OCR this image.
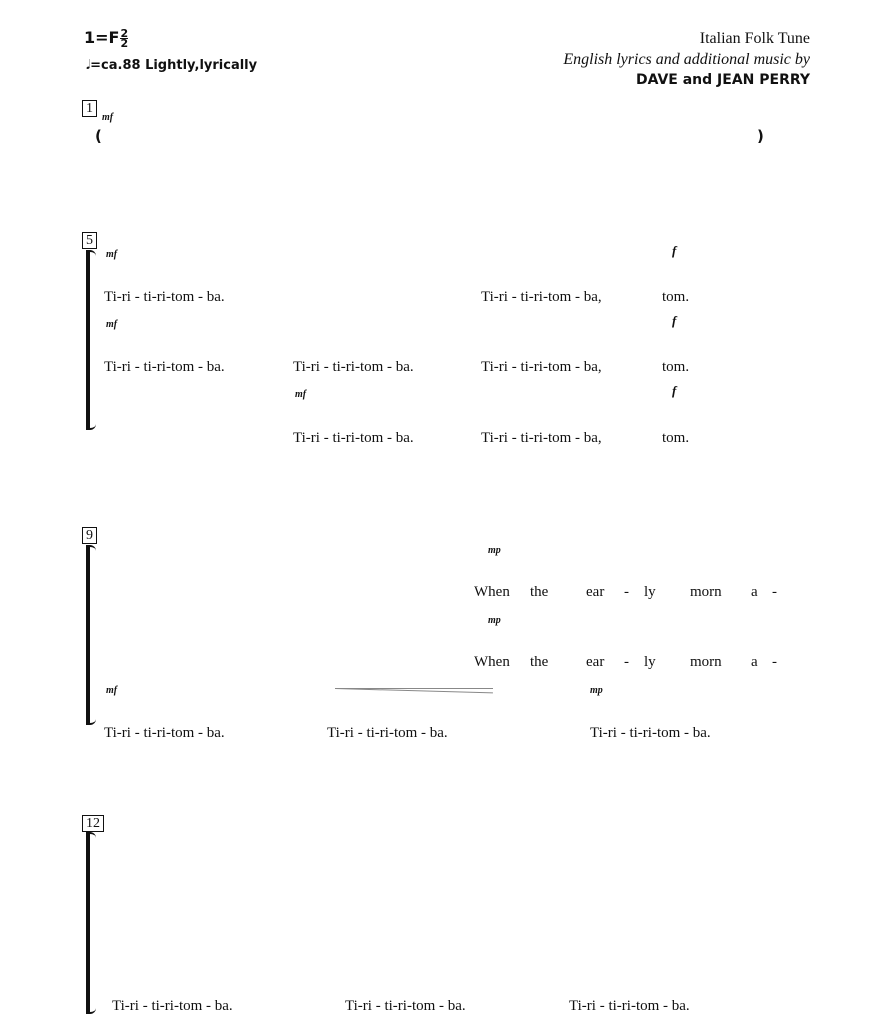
$1=F \frac{2}{2}$
𝅘𝅥=ca.88 Lightly,lyrically
Italian Folk Tune
English lyrics and additional music by
DAVE and JEAN PERRY
1
5
9
12
mf
mf	f
mf	f
mf	f
mp
mp
mf	mp
(	)
Ti-ri - ti-ri-tom - ba.	Ti-ri - ti-ri-tom - ba,	tom.
Ti-ri - ti-ri-tom - ba.	Ti-ri - ti-ri-tom - ba.	Ti-ri - ti-ri-tom - ba,	tom.
Ti-ri - ti-ri-tom - ba.	Ti-ri - ti-ri-tom - ba,	tom.
When the	ear - ly morn a -
When the	ear - ly morn a -
Ti-ri - ti-ri-tom - ba.	Ti-ri - ti-ri-tom - ba.	Ti-ri - ti-ri-tom - ba.
Ti-ri - ti-ri-tom - ba.	Ti-ri - ti-ri-tom - ba.	Ti-ri - ti-ri-tom - ba.
